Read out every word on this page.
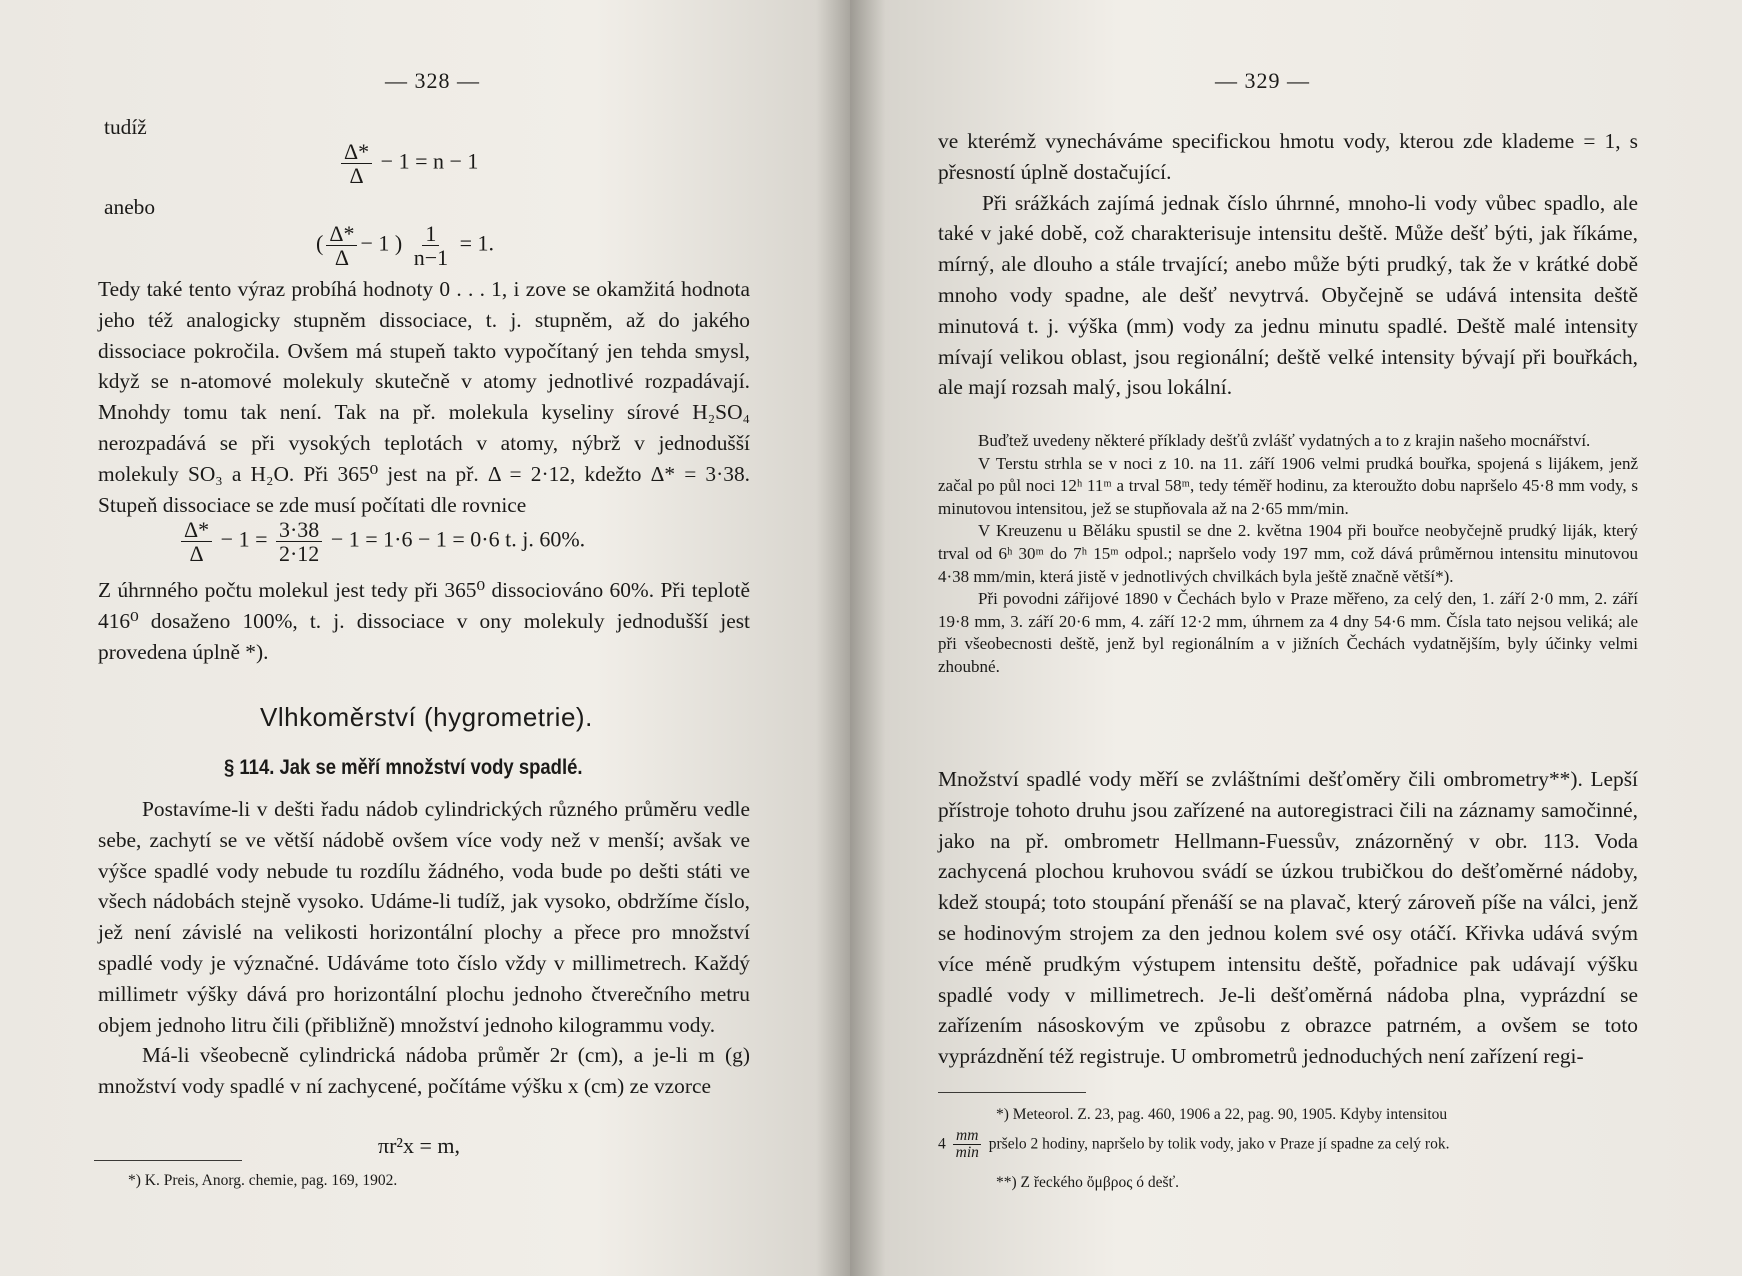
— 328 —
tudíž
$\frac{\Delta*}{\Delta} - 1 = n - 1$
anebo
( $\frac{\Delta*}{\Delta} - 1$ ) $\frac{1}{n-1} = 1$.

Tedy také tento výraz probíhá hodnoty 0 . . . 1, i zove se okamžitá hodnota jeho též analogicky stupněm dissociace, t. j. stupněm, až do jakého dissociace pokročila. Ovšem má stupeň takto vypočítaný jen tehda smysl, když se n-atomové molekuly skutečně v atomy jednotlivé rozpadávají. Mnohdy tomu tak není. Tak na př. molekula kyseliny sírové H₂SO₄ nerozpadává se při vysokých teplotách v atomy, nýbrž v jednodušší molekuly SO₃ a H₂O. Při 365⁰ jest na př. Δ = 2·12, kdežto Δ* = 3·38. Stupeň dissociace se zde musí počítati dle rovnice

$\frac{\Delta*}{\Delta} - 1 = \frac{3\cdot 38}{2\cdot 12} - 1 = 1\cdot 6 - 1 = 0\cdot 6$ t. j. 60%.

Z úhrnného počtu molekul jest tedy při 365⁰ dissociováno 60%. Při teplotě 416⁰ dosaženo 100%, t. j. dissociace v ony molekuly jednodušší jest provedena úplně *).

Vlhkoměrství (hygrometrie).
§ 114. Jak se měří množství vody spadlé.

Postavíme-li v dešti řadu nádob cylindrických různého průměru vedle sebe, zachytí se ve větší nádobě ovšem více vody než v menší; avšak ve výšce spadlé vody nebude tu rozdílu žádného, voda bude po dešti státi ve všech nádobách stejně vysoko. Udáme-li tudíž, jak vysoko, obdržíme číslo, jež není závislé na velikosti horizontální plochy a přece pro množství spadlé vody je význačné. Udáváme toto číslo vždy v millimetrech. Každý millimetr výšky dává pro horizontální plochu jednoho čtverečního metru objem jednoho litru čili (přibližně) množství jednoho kilogrammu vody.

Má-li všeobecně cylindrická nádoba průměr 2r (cm), a je-li m (g) množství vody spadlé v ní zachycené, počítáme výšku x (cm) ze vzorce

πr²x = m,
*) K. Preis, Anorg. chemie, pag. 169, 1902.
— 329 —

ve kterémž vynecháváme specifickou hmotu vody, kterou zde klademe = 1, s přesností úplně dostačující.

Při srážkách zajímá jednak číslo úhrnné, mnoho-li vody vůbec spadlo, ale také v jaké době, což charakterisuje intensitu deště. Může dešť býti, jak říkáme, mírný, ale dlouho a stále trvající; anebo může býti prudký, tak že v krátké době mnoho vody spadne, ale dešť nevytrvá. Obyčejně se udává intensita deště minutová t. j. výška (mm) vody za jednu minutu spadlé. Deště malé intensity mívají velikou oblast, jsou regionální; deště velké intensity bývají při bouřkách, ale mají rozsah malý, jsou lokální.

Buďtež uvedeny některé příklady dešťů zvlášť vydatných a to z krajin našeho mocnářství.

V Terstu strhla se v noci z 10. na 11. září 1906 velmi prudká bouřka, spojená s lijákem, jenž začal po půl noci 12ʰ 11ᵐ a trval 58ᵐ, tedy téměř hodinu, za kteroužto dobu napršelo 45·8 mm vody, s minutovou intensitou, jež se stupňovala až na 2·65 mm/min.

V Kreuzenu u Běláku spustil se dne 2. května 1904 při bouřce neobyčejně prudký liják, který trval od 6ʰ 30ᵐ do 7ʰ 15ᵐ odpol.; napršelo vody 197 mm, což dává průměrnou intensitu minutovou 4·38 mm/min, která jistě v jednotlivých chvilkách byla ještě značně větší*).

Při povodni zářijové 1890 v Čechách bylo v Praze měřeno, za celý den, 1. září 2·0 mm, 2. září 19·8 mm, 3. září 20·6 mm, 4. září 12·2 mm, úhrnem za 4 dny 54·6 mm. Čísla tato nejsou veliká; ale při všeobecnosti deště, jenž byl regionálním a v jižních Čechách vydatnějším, byly účinky velmi zhoubné.

Množství spadlé vody měří se zvláštními dešťoměry čili ombrometry**). Lepší přístroje tohoto druhu jsou zařízené na autoregistraci čili na záznamy samočinné, jako na př. ombrometr Hellmann-Fuessův, znázorněný v obr. 113. Voda zachycená plochou kruhovou svádí se úzkou trubičkou do dešťoměrné nádoby, kdež stoupá; toto stoupání přenáší se na plavač, který zároveň píše na válci, jenž se hodinovým strojem za den jednou kolem své osy otáčí. Křivka udává svým více méně prudkým výstupem intensitu deště, pořadnice pak udávají výšku spadlé vody v millimetrech. Je-li dešťoměrná nádoba plna, vyprázdní se zařízením násoskovým ve způsobu z obrazce patrném, a ovšem se toto vyprázdnění též registruje. U ombrometrů jednoduchých není zařízení regi-

*) Meteorol. Z. 23, pag. 460, 1906 a 22, pag. 90, 1905. Kdyby intensitou
$4 \frac{mm}{\min}$ pršelo 2 hodiny, napršelo by tolik vody, jako v Praze jí spadne za celý rok.
**) Z řeckého ὄμβρος ó dešť.
